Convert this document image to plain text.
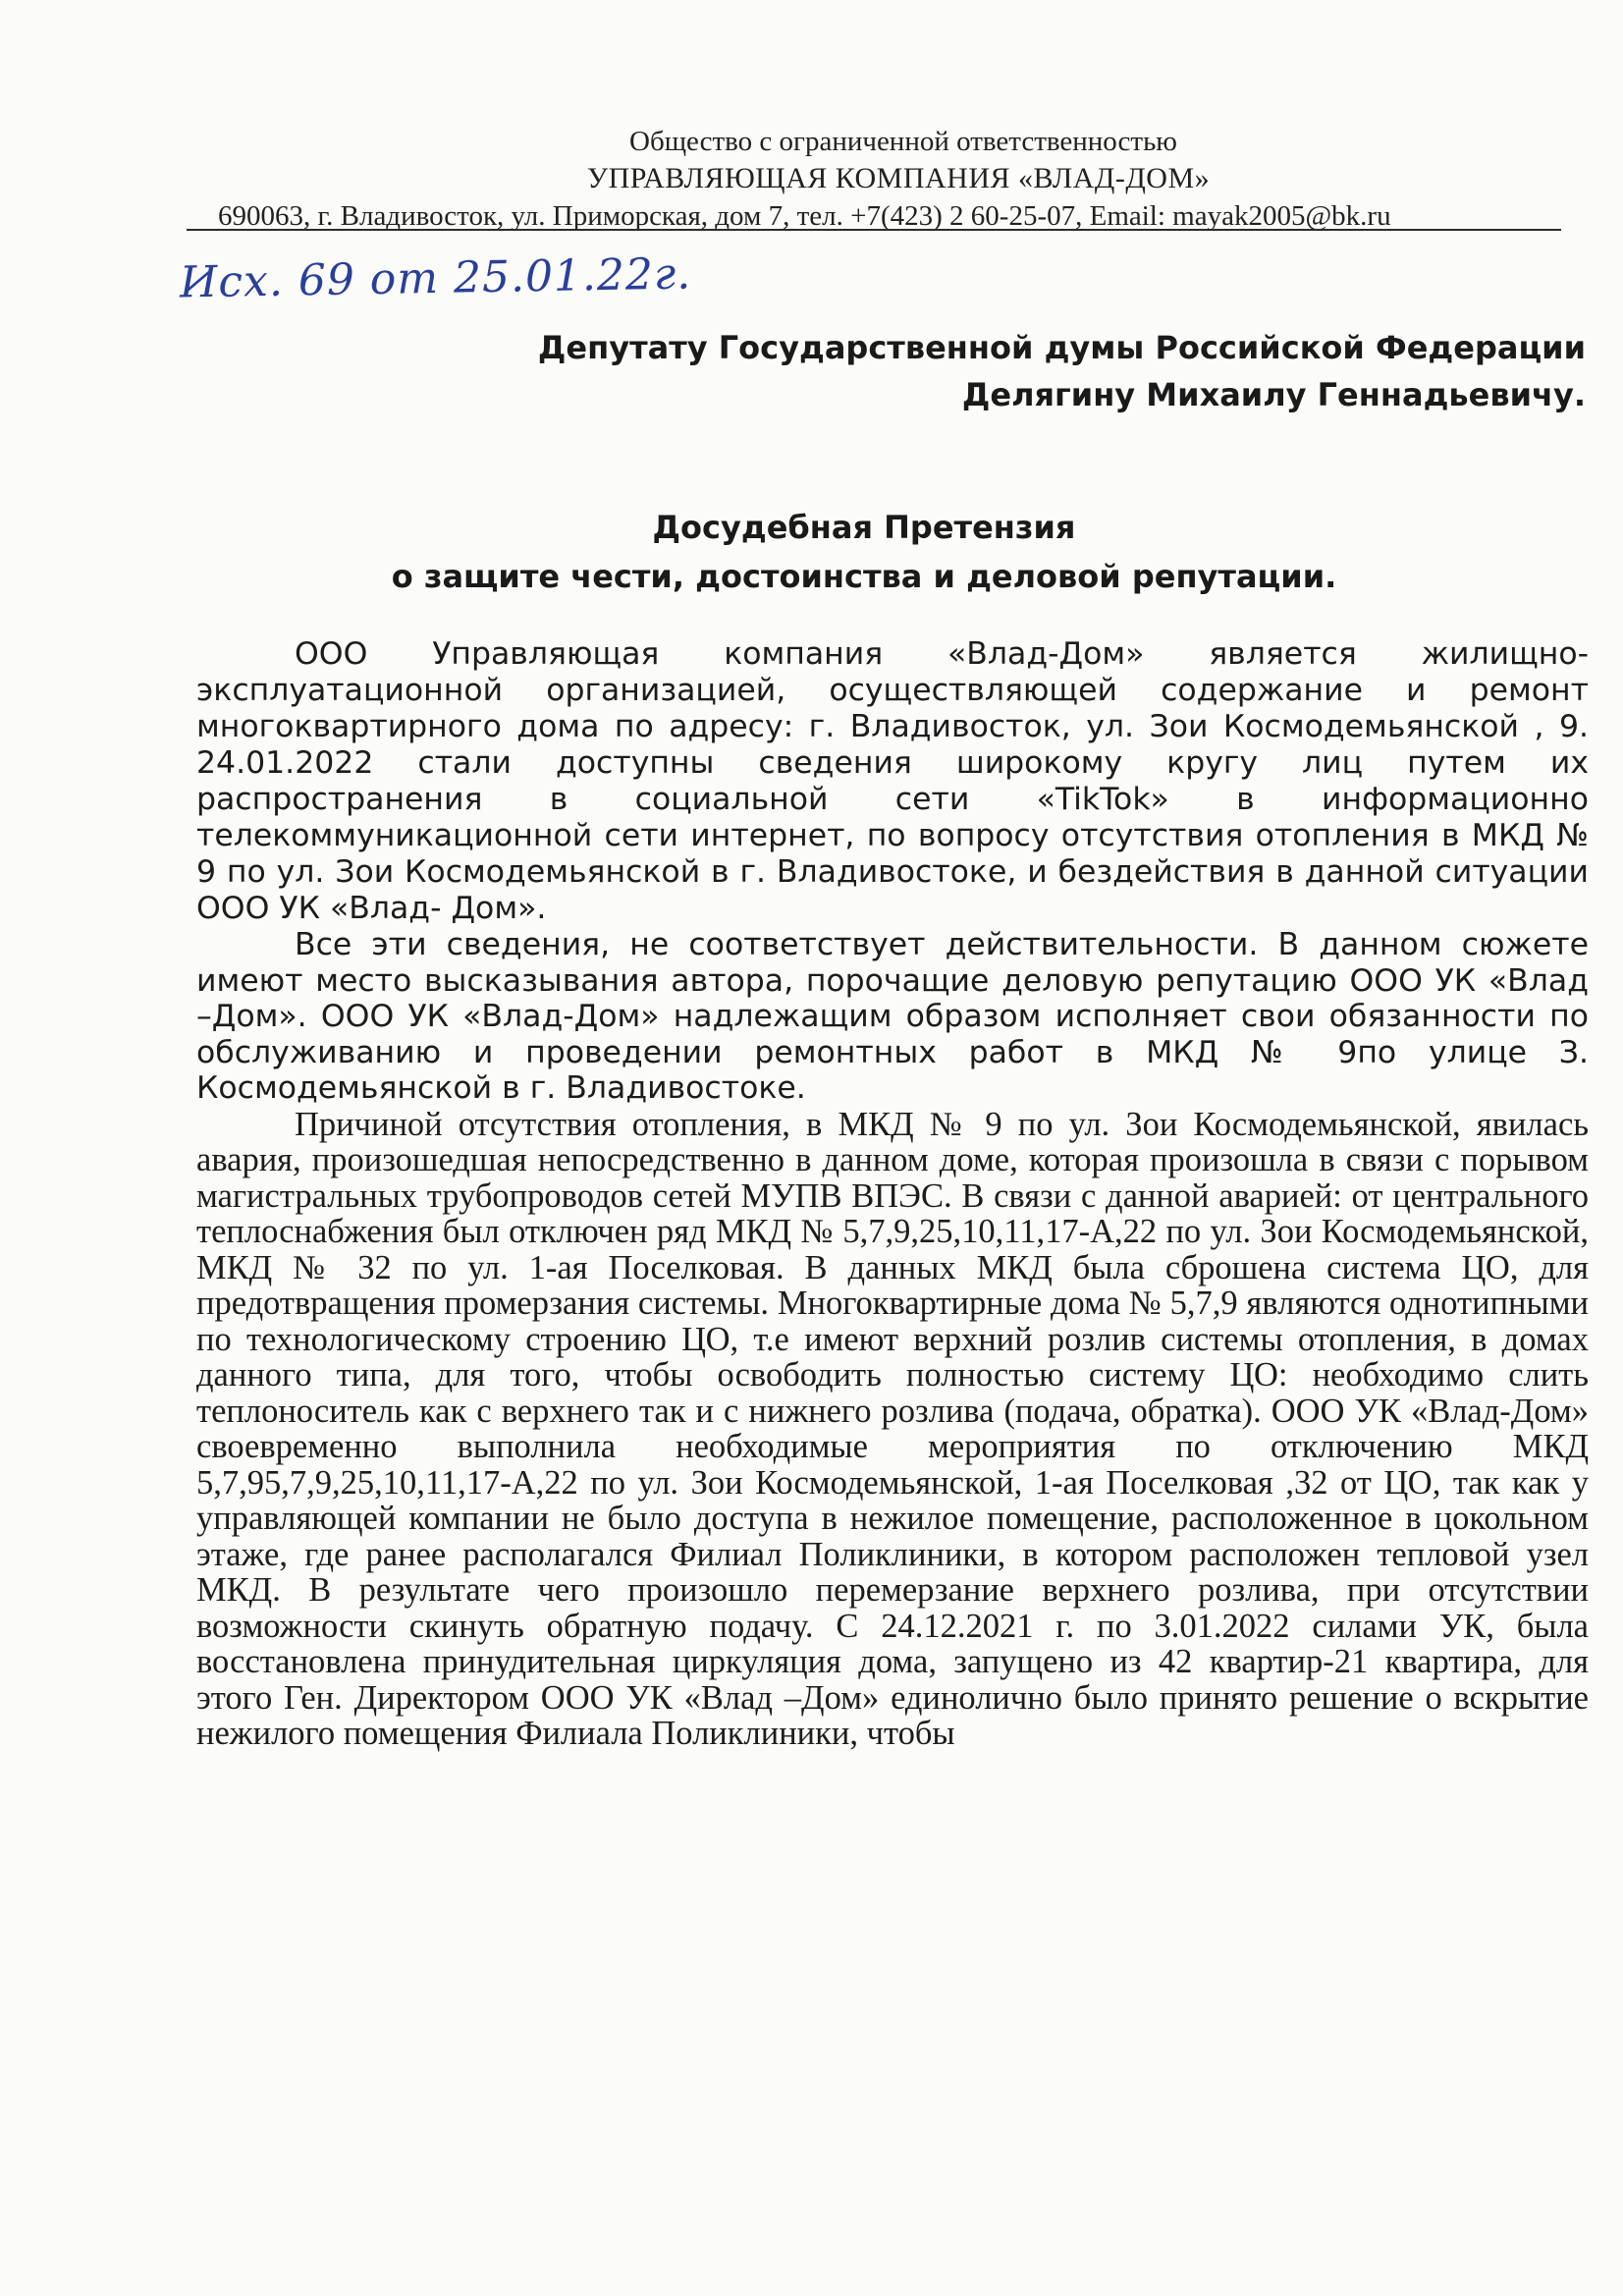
Общество с ограниченной ответственностью
УПРАВЛЯЮЩАЯ КОМПАНИЯ «ВЛАД-ДОМ»
690063, г. Владивосток, ул. Приморская, дом 7, тел. +7(423) 2 60-25-07, Email: mayak2005@bk.ru
Исх. 69 от 25.01.22г.
Депутату Государственной думы Российской Федерации
Делягину Михаилу Геннадьевичу.
Досудебная Претензия
о защите чести, достоинства и деловой репутации.

ООО Управляющая компания «Влад-Дом» является жилищно-эксплуатационной организацией, осуществляющей содержание и ремонт многоквартирного дома по адресу: г. Владивосток, ул. Зои Космодемьянской , 9. 24.01.2022 стали доступны сведения широкому кругу лиц путем их распространения в социальной сети «TikTok» в информационно телекоммуникационной сети интернет, по вопросу отсутствия отопления в МКД № 9 по ул. Зои Космодемьянской в г. Владивостоке, и бездействия в данной ситуации ООО УК «Влад- Дом».

Все эти сведения, не соответствует действительности. В данном сюжете имеют место высказывания автора, порочащие деловую репутацию ООО УК «Влад –Дом». ООО УК «Влад-Дом» надлежащим образом исполняет свои обязанности по обслуживанию и проведении ремонтных работ в МКД № 9по улице З. Космодемьянской в г. Владивостоке.

Причиной отсутствия отопления, в МКД № 9 по ул. Зои Космодемьянской, явилась авария, произошедшая непосредственно в данном доме, которая произошла в связи с порывом магистральных трубопроводов сетей МУПВ ВПЭС. В связи с данной аварией: от центрального теплоснабжения был отключен ряд МКД № 5,7,9,25,10,11,17-А,22 по ул. Зои Космодемьянской, МКД № 32 по ул. 1-ая Поселковая. В данных МКД была сброшена система ЦО, для предотвращения промерзания системы. Многоквартирные дома № 5,7,9 являются однотипными по технологическому строению ЦО, т.е имеют верхний розлив системы отопления, в домах данного типа, для того, чтобы освободить полностью систему ЦО: необходимо слить теплоноситель как с верхнего так и с нижнего розлива (подача, обратка). ООО УК «Влад-Дом» своевременно выполнила необходимые мероприятия по отключению МКД 5,7,95,7,9,25,10,11,17-А,22 по ул. Зои Космодемьянской, 1-ая Поселковая ,32 от ЦО, так как у управляющей компании не было доступа в нежилое помещение, расположенное в цокольном этаже, где ранее располагался Филиал Поликлиники, в котором расположен тепловой узел МКД. В результате чего произошло перемерзание верхнего розлива, при отсутствии возможности скинуть обратную подачу. С 24.12.2021 г. по 3.01.2022 силами УК, была восстановлена принудительная циркуляция дома, запущено из 42 квартир-21 квартира, для этого Ген. Директором ООО УК «Влад –Дом» единолично было принято решение о вскрытие нежилого помещения Филиала Поликлиники, чтобы
